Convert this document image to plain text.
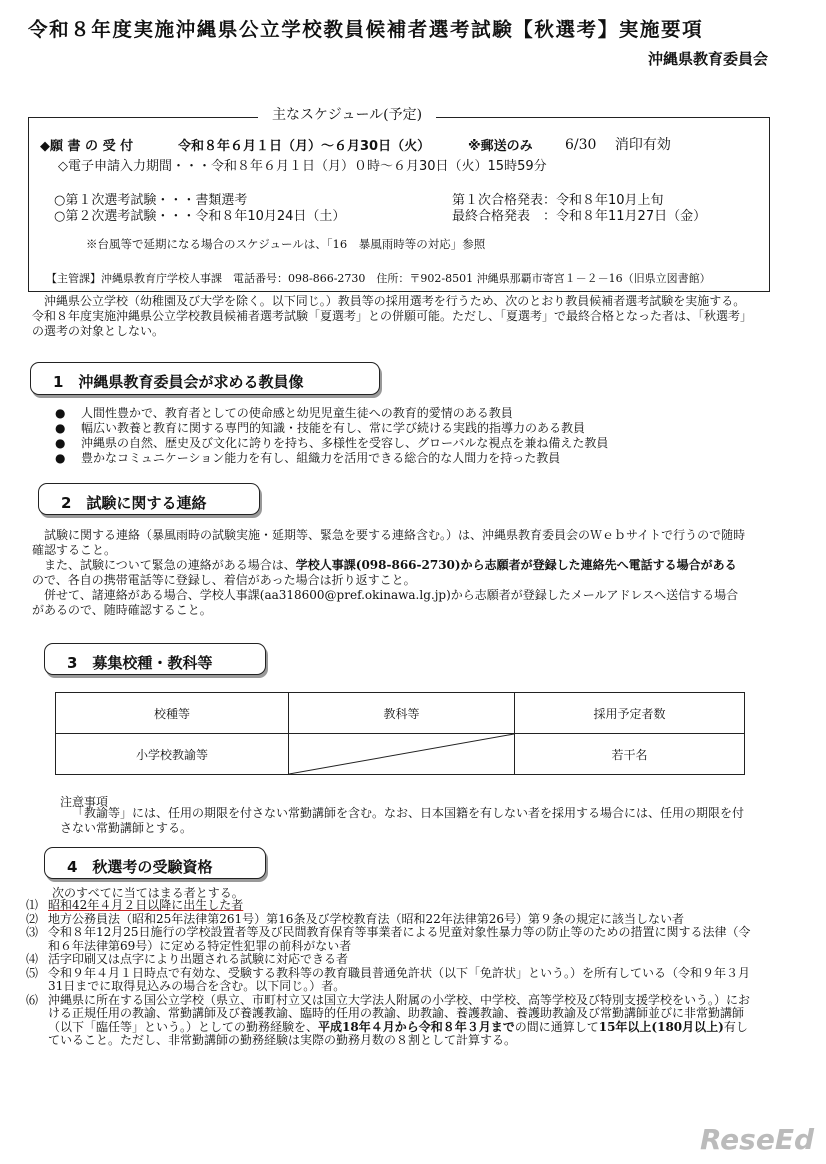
令和８年度実施沖縄県公立学校教員候補者選考試験【秋選考】実施要項
沖縄県教育委員会
主なスケジュール(予定)
◆願 書 の 受 付	令和８年６月１日（月）～６月30日（火）	※郵送のみ 6/30　 消印有効
◇電子申請入力期間・・・令和８年６月１日（月）０時～６月30日（火）15時59分
○第１次選考試験・・・書類選考
○第２次選考試験・・・令和８年10月24日（土）
第１次合格発表：令和８年10月上旬
最終合格発表　：令和８年11月27日（金）
※台風等で延期になる場合のスケジュールは、「16　暴風雨時等の対応」参照
【主管課】沖縄県教育庁学校人事課　電話番号：098-866-2730　住所：〒902-8501 沖縄県那覇市寄宮１－２－16（旧県立図書館）

沖縄県公立学校（幼稚園及び大学を除く。以下同じ。）教員等の採用選考を行うため、次のとおり教員候補者選考試験を実施する。令和８年度実施沖縄県公立学校教員候補者選考試験「夏選考」との併願可能。ただし、「夏選考」で最終合格となった者は、「秋選考」の選考の対象としない。

1　沖縄県教育委員会が求める教員像
● 人間性豊かで、教育者としての使命感と幼児児童生徒への教育的愛情のある教員
● 幅広い教養と教育に関する専門的知識・技能を有し、常に学び続ける実践的指導力のある教員
● 沖縄県の自然、歴史及び文化に誇りを持ち、多様性を受容し、グローバルな視点を兼ね備えた教員
● 豊かなコミュニケーション能力を有し、組織力を活用できる総合的な人間力を持った教員
2　試験に関する連絡

試験に関する連絡（暴風雨時の試験実施・延期等、緊急を要する連絡含む。）は、沖縄県教育委員会のＷｅｂサイトで行うので随時確認すること。

また、試験について緊急の連絡がある場合は、学校人事課(098-866-2730)から志願者が登録した連絡先へ電話する場合があるので、各自の携帯電話等に登録し、着信があった場合は折り返すこと。

併せて、諸連絡がある場合、学校人事課(aa318600@pref.okinawa.lg.jp)から志願者が登録したメールアドレスへ送信する場合があるので、随時確認すること。

3　募集校種・教科等
校種等	教科等	採用予定者数
小学校教諭等		若干名
注意事項

「教諭等」には、任用の期限を付さない常勤講師を含む。なお、日本国籍を有しない者を採用する場合には、任用の期限を付さない常勤講師とする。

4　秋選考の受験資格
次のすべてに当てはまる者とする。
⑴ 昭和42年４月２日以降に出生した者
⑵ 地方公務員法（昭和25年法律第261号）第16条及び学校教育法（昭和22年法律第26号）第９条の規定に該当しない者
⑶ 令和８年12月25日施行の学校設置者等及び民間教育保育等事業者による児童対象性暴力等の防止等のための措置に関する法律（令和６年法律第69号）に定める特定性犯罪の前科がない者
⑷ 活字印刷又は点字により出題される試験に対応できる者
⑸ 令和９年４月１日時点で有効な、受験する教科等の教育職員普通免許状（以下「免許状」という。）を所有している（令和９年３月31日までに取得見込みの場合を含む。以下同じ。）者。
⑹ 沖縄県に所在する国公立学校（県立、市町村立又は国立大学法人附属の小学校、中学校、高等学校及び特別支援学校をいう。）における正規任用の教諭、常勤講師及び養護教諭、臨時的任用の教諭、助教諭、養護教諭、養護助教諭及び常勤講師並びに非常勤講師（以下「臨任等」という。）としての勤務経験を、平成18年４月から令和８年３月までの間に通算して15年以上(180月以上)有していること。ただし、非常勤講師の勤務経験は実際の勤務月数の８割として計算する。
ReseEd
